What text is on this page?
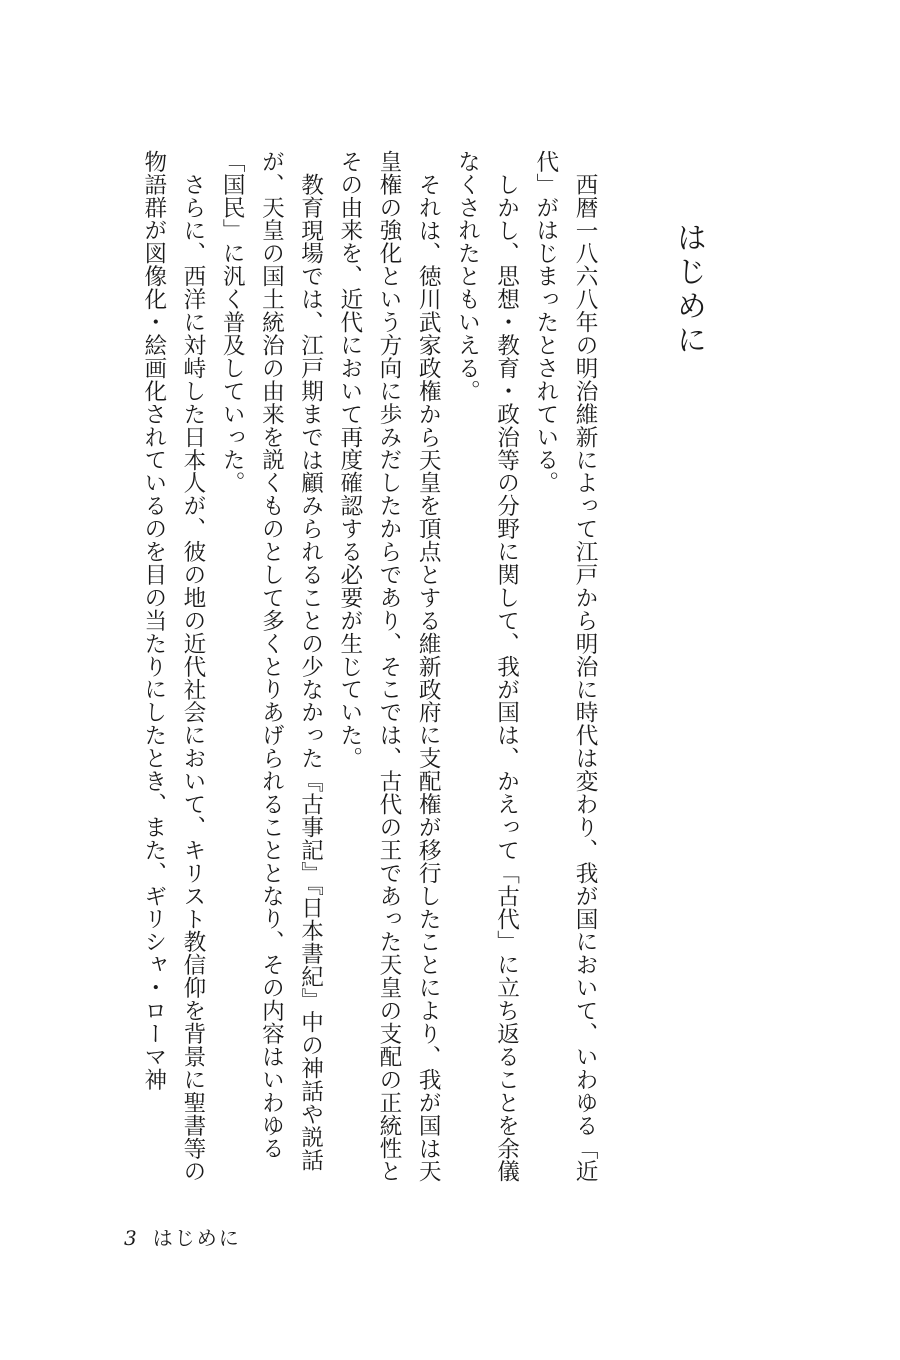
はじめに

西暦一八六八年の明治維新によって江戸から明治に時代は変わり、我が国において、いわゆる「近代」がはじまったとされている。

しかし、思想・教育・政治等の分野に関して、我が国は、かえって「古代」に立ち返ることを余儀なくされたともいえる。

それは、徳川武家政権から天皇を頂点とする維新政府に支配権が移行したことにより、我が国は天皇権の強化という方向に歩みだしたからであり、そこでは、古代の王であった天皇の支配の正統性とその由来を、近代において再度確認する必要が生じていた。

教育現場では、江戸期までは顧みられることの少なかった『古事記』『日本書紀』中の神話や説話が、天皇の国土統治の由来を説くものとして多くとりあげられることとなり、その内容はいわゆる「国民」に汎く普及していった。

さらに、西洋に対峙した日本人が、彼の地の近代社会において、キリスト教信仰を背景に聖書等の物語群が図像化・絵画化されているのを目の当たりにしたとき、また、ギリシャ・ローマ神

3 はじめに
